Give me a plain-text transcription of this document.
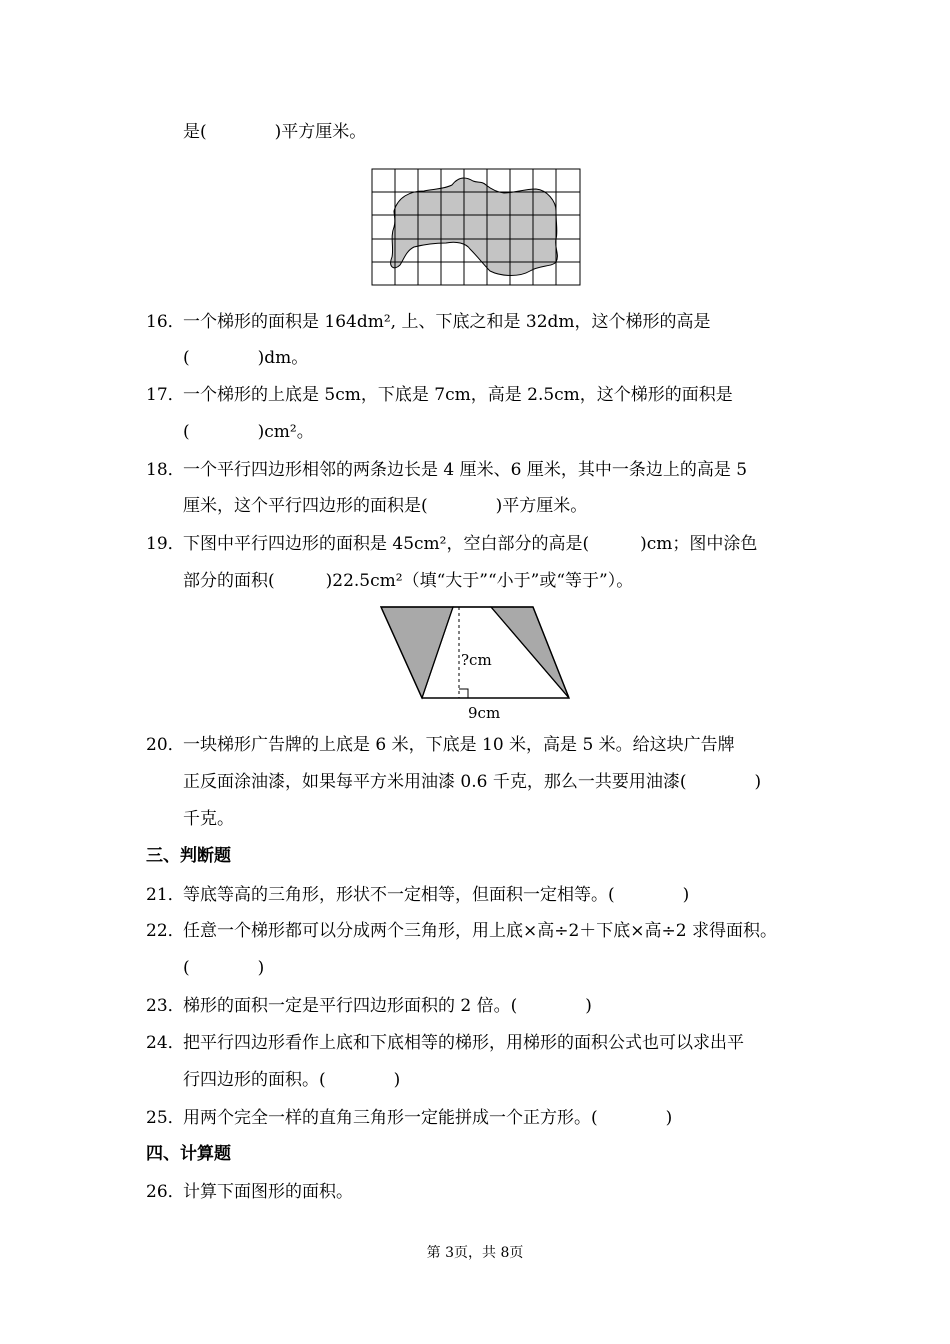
是(　　　　)平方厘米。
16．
一个梯形的面积是 164dm², 上、下底之和是 32dm，这个梯形的高是
(　　　　)dm。
17．
一个梯形的上底是 5cm，下底是 7cm，高是 2.5cm，这个梯形的面积是
(　　　　)cm²。
18．
一个平行四边形相邻的两条边长是 4 厘米、6 厘米，其中一条边上的高是 5
厘米，这个平行四边形的面积是(　　　　)平方厘米。
19．
下图中平行四边形的面积是 45cm²，空白部分的高是(　　　)cm；图中涂色
部分的面积(　　　)22.5cm²（填“大于”“小于”或“等于”）。
?cm
9cm
20．
一块梯形广告牌的上底是 6 米，下底是 10 米，高是 5 米。给这块广告牌
正反面涂油漆，如果每平方米用油漆 0.6 千克，那么一共要用油漆(　　　　)
千克。
三、判断题
21．
等底等高的三角形，形状不一定相等，但面积一定相等。(　　　　)
22．
任意一个梯形都可以分成两个三角形，用上底×高÷2＋下底×高÷2 求得面积。
(　　　　)
23．
梯形的面积一定是平行四边形面积的 2 倍。(　　　　)
24．
把平行四边形看作上底和下底相等的梯形，用梯形的面积公式也可以求出平
行四边形的面积。(　　　　)
25．
用两个完全一样的直角三角形一定能拼成一个正方形。(　　　　)
四、计算题
26．
计算下面图形的面积。
第 3页，共 8页
